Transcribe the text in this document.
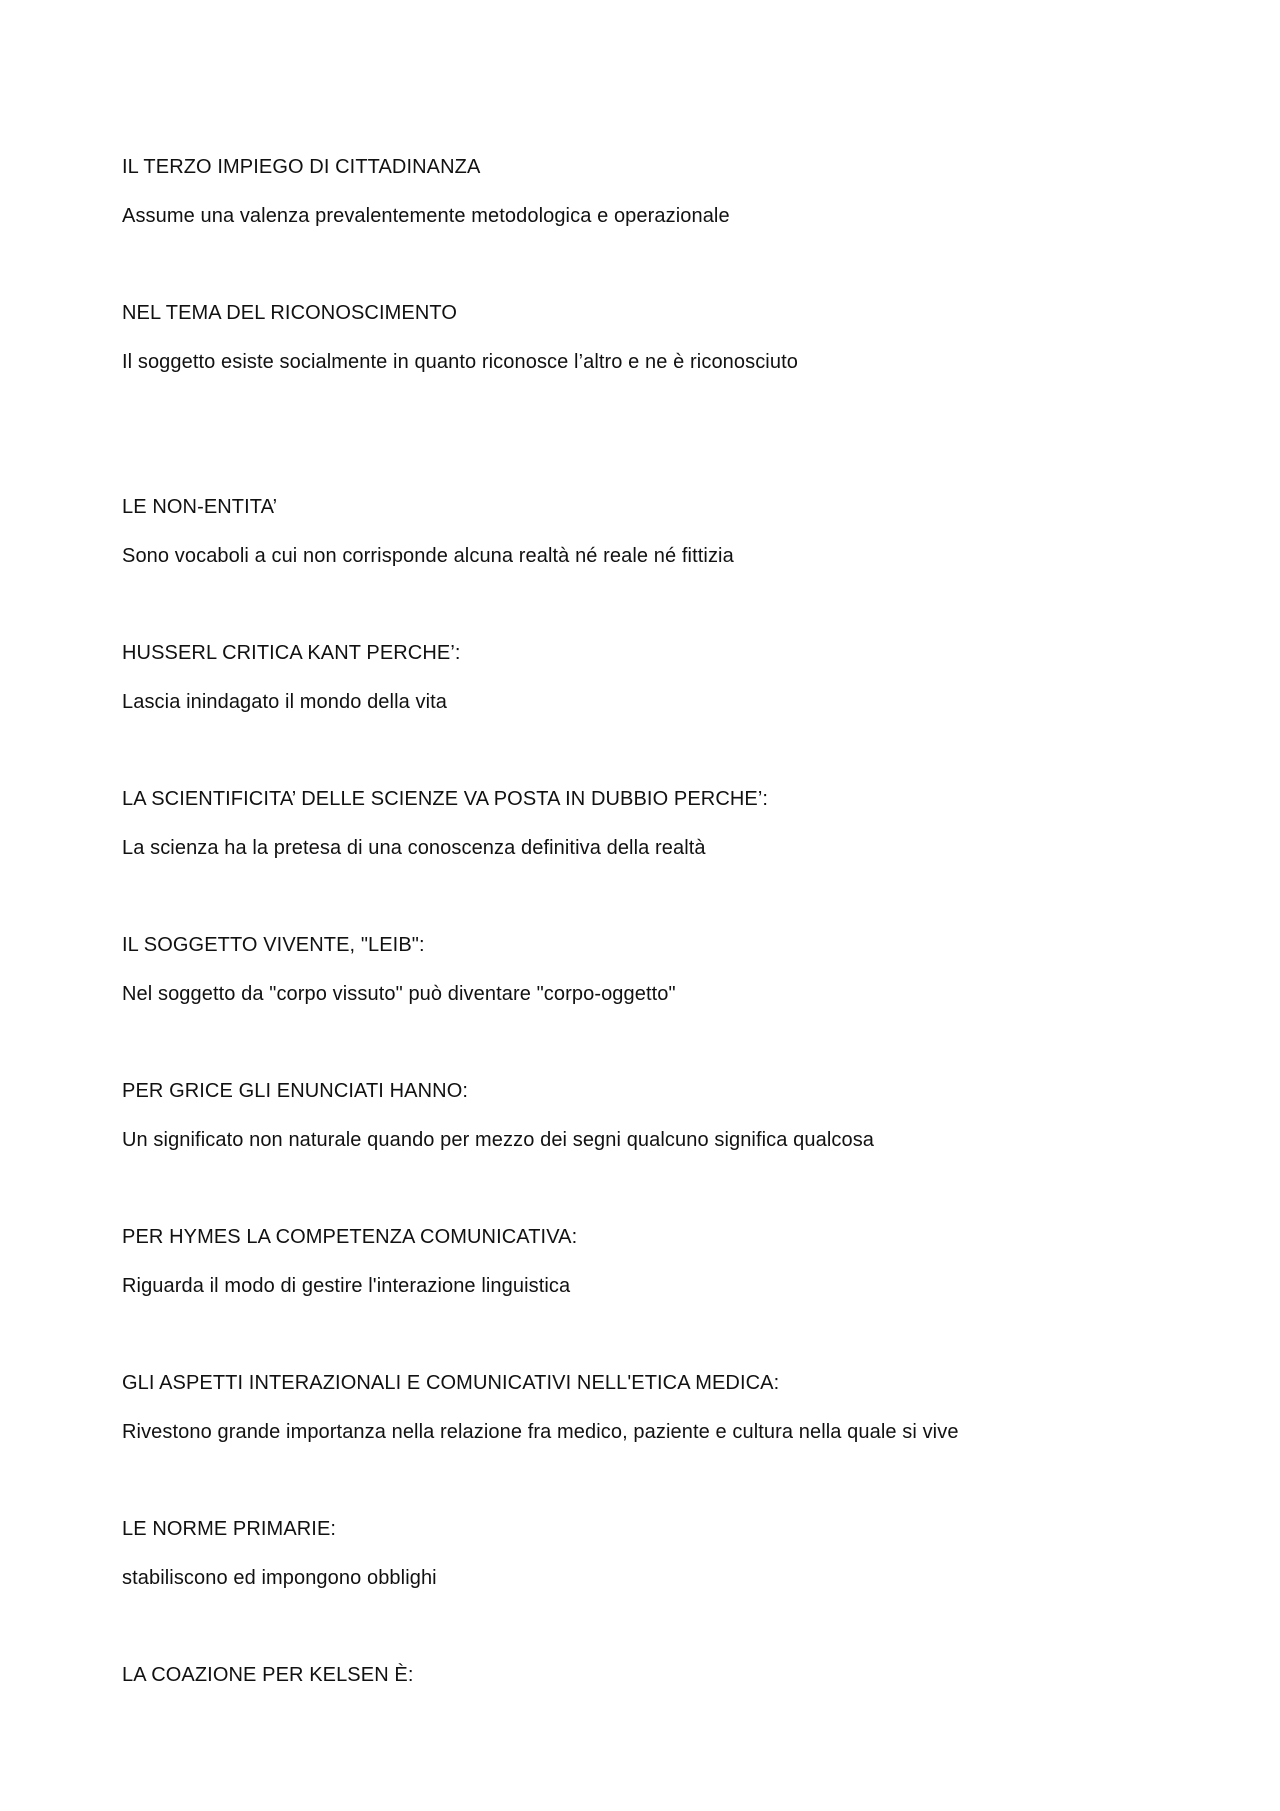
IL TERZO IMPIEGO DI CITTADINANZA
Assume una valenza prevalentemente metodologica e operazionale
NEL TEMA DEL RICONOSCIMENTO
Il soggetto esiste socialmente in quanto riconosce l’altro e ne è riconosciuto
LE NON-ENTITA’
Sono vocaboli a cui non corrisponde alcuna realtà né reale né fittizia
HUSSERL CRITICA KANT PERCHE’:
Lascia inindagato il mondo della vita
LA SCIENTIFICITA’ DELLE SCIENZE VA POSTA IN DUBBIO PERCHE’:
La scienza ha la pretesa di una conoscenza definitiva della realtà
IL SOGGETTO VIVENTE, "LEIB":
Nel soggetto da "corpo vissuto" può diventare "corpo-oggetto"
PER GRICE GLI ENUNCIATI HANNO:
Un significato non naturale quando per mezzo dei segni qualcuno significa qualcosa
PER HYMES LA COMPETENZA COMUNICATIVA:
Riguarda il modo di gestire l'interazione linguistica
GLI ASPETTI INTERAZIONALI E COMUNICATIVI NELL'ETICA MEDICA:
Rivestono grande importanza nella relazione fra medico, paziente e cultura nella quale si vive
LE NORME PRIMARIE:
stabiliscono ed impongono obblighi
LA COAZIONE PER KELSEN È:
